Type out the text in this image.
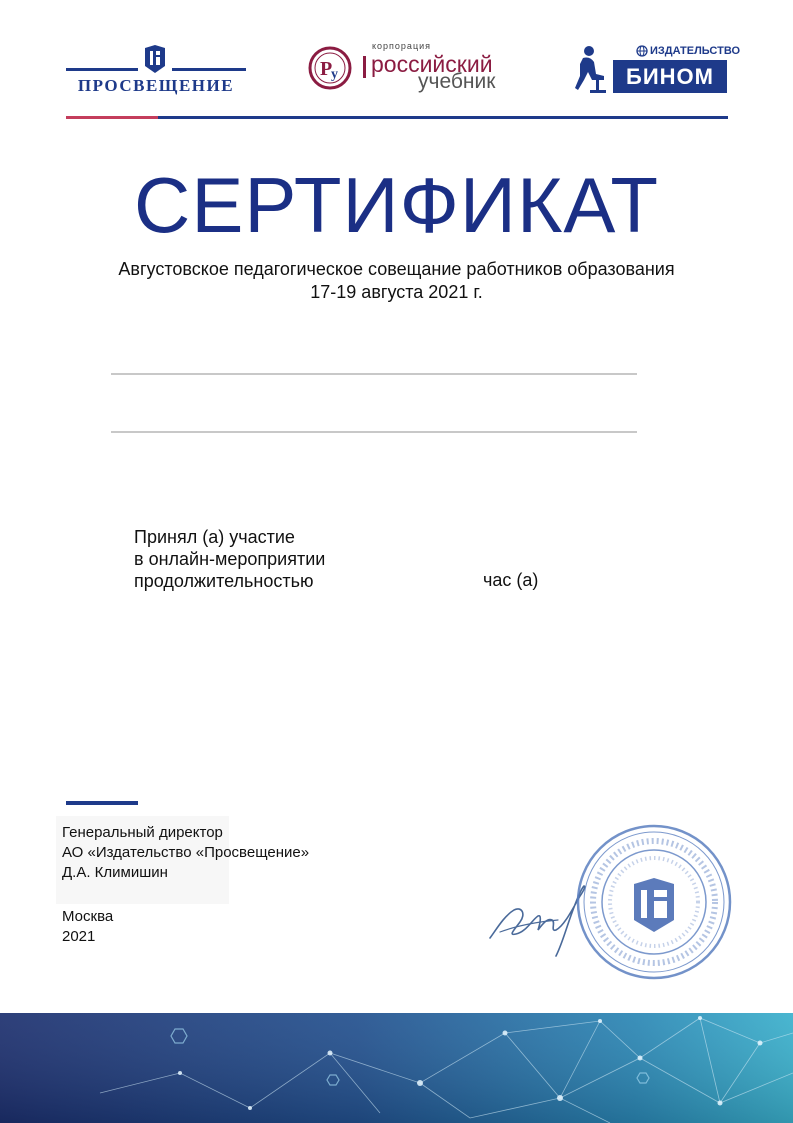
ПРОСВЕЩЕНИЕ
P
y
корпорация
российский
учебник
ИЗДАТЕЛЬСТВО
БИНОМ
СЕРТИФИКАТ
Августовское педагогическое совещание работников образования
17-19 августа 2021 г.
Принял (а) участие
в онлайн-мероприятии
продолжительностью	час (а)
Генеральный директор
АО «Издательство «Просвещение»
Д.А. Климишин
Москва
2021
